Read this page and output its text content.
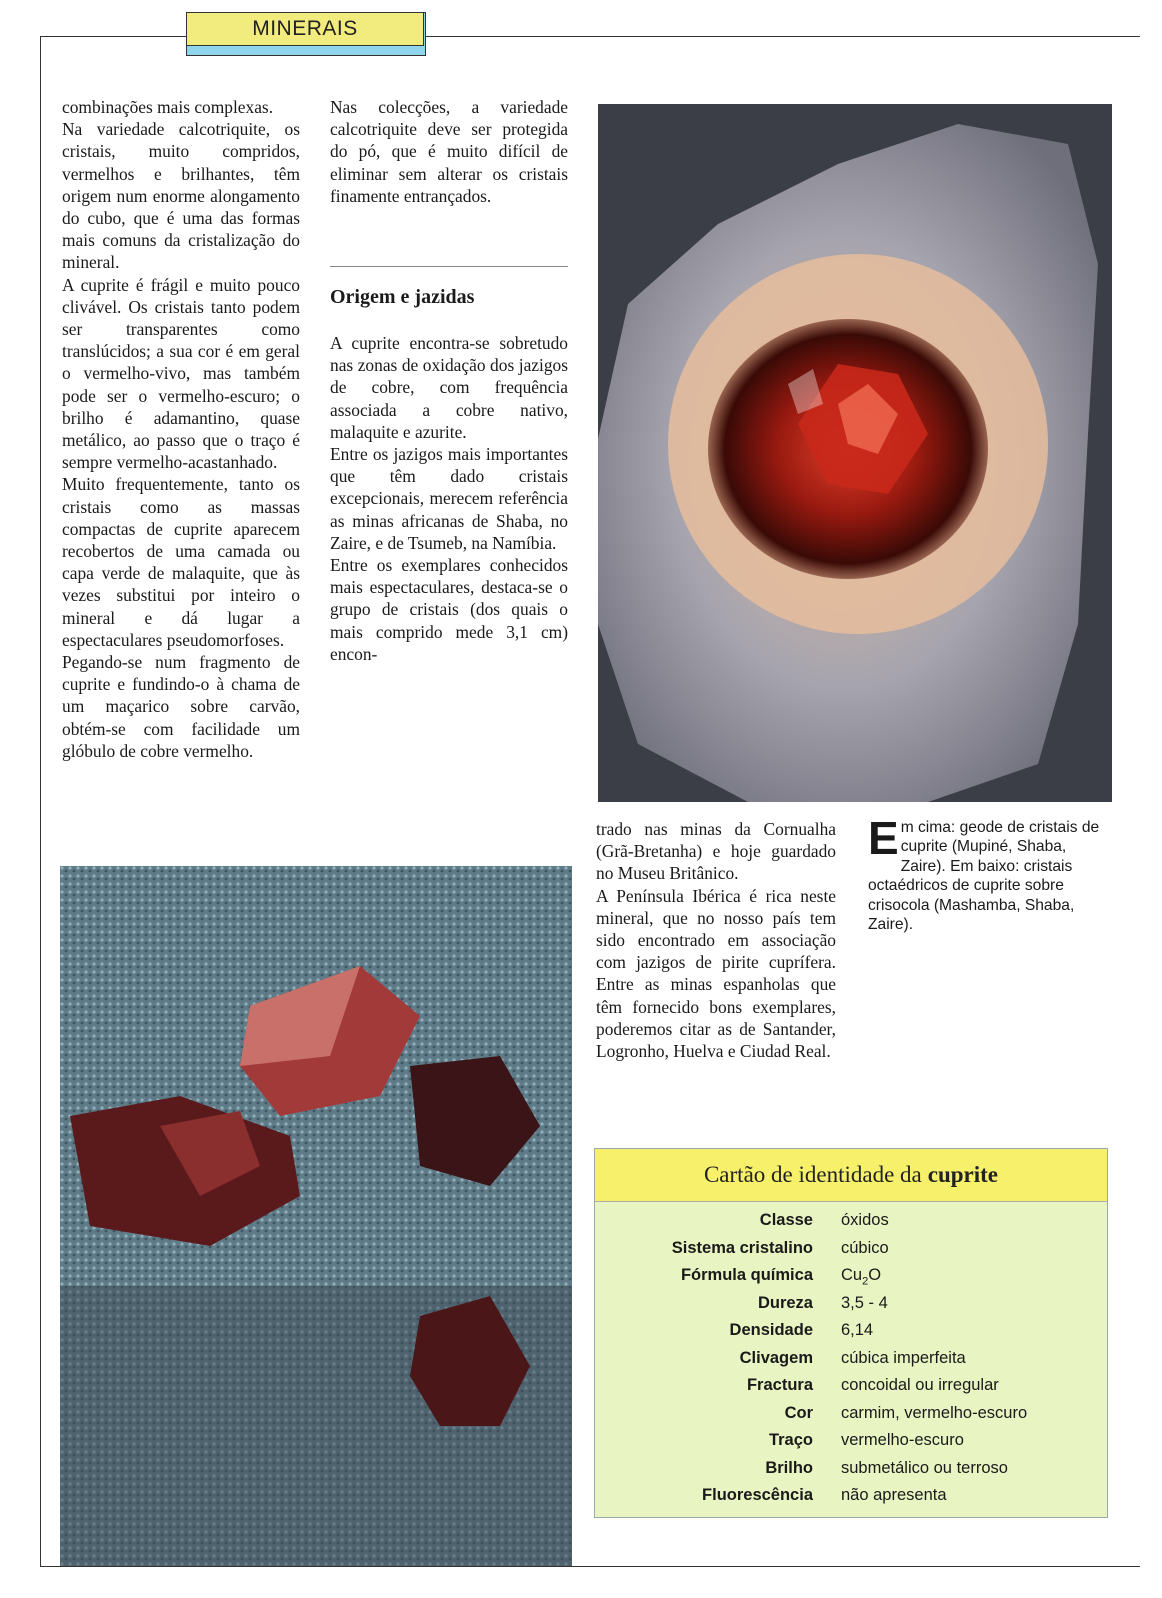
MINERAIS

combinações mais complexas.

Na variedade calcotriquite, os cristais, muito compridos, vermelhos e brilhantes, têm origem num enorme alongamento do cubo, que é uma das formas mais comuns da cristalização do mineral.

A cuprite é frágil e muito pouco clivável. Os cristais tanto podem ser transparentes como translúcidos; a sua cor é em geral o vermelho-vivo, mas também pode ser o vermelho-escuro; o brilho é adamantino, quase metálico, ao passo que o traço é sempre vermelho-acastanhado.

Muito frequentemente, tanto os cristais como as massas compactas de cuprite aparecem recobertos de uma camada ou capa verde de malaquite, que às vezes substitui por inteiro o mineral e dá lugar a espectaculares pseudomorfoses.

Pegando-se num fragmento de cuprite e fundindo-o à chama de um maçarico sobre carvão, obtém-se com facilidade um glóbulo de cobre vermelho.

Nas colecções, a variedade calcotriquite deve ser protegida do pó, que é muito difícil de eliminar sem alterar os cristais finamente entrançados.

Origem e jazidas

A cuprite encontra-se sobretudo nas zonas de oxidação dos jazigos de cobre, com frequência associada a cobre nativo, malaquite e azurite.

Entre os jazigos mais importantes que têm dado cristais excepcionais, merecem referência as minas africanas de Shaba, no Zaire, e de Tsumeb, na Namíbia.

Entre os exemplares conhecidos mais espectaculares, destaca-se o grupo de cristais (dos quais o mais comprido mede 3,1 cm) encon-

trado nas minas da Cornualha (Grã-Bretanha) e hoje guardado no Museu Britânico.

A Península Ibérica é rica neste mineral, que no nosso país tem sido encontrado em associação com jazigos de pirite cuprífera. Entre as minas espanholas que têm fornecido bons exemplares, poderemos citar as de Santander, Logronho, Huelva e Ciudad Real.

E m cima: geode de cristais de cuprite (Mupiné, Shaba, Zaire). Em baixo: cristais octaédricos de cuprite sobre crisocola (Mashamba, Shaba, Zaire).
Cartão de identidade da cuprite
Classe óxidos
Sistema cristalino cúbico
Fórmula química $Cu_2O$
Dureza 3,5 - 4
Densidade 6,14
Clivagem cúbica imperfeita
Fractura concoidal ou irregular
Cor carmim, vermelho-escuro
Traço vermelho-escuro
Brilho submetálico ou terroso
Fluorescência não apresenta
